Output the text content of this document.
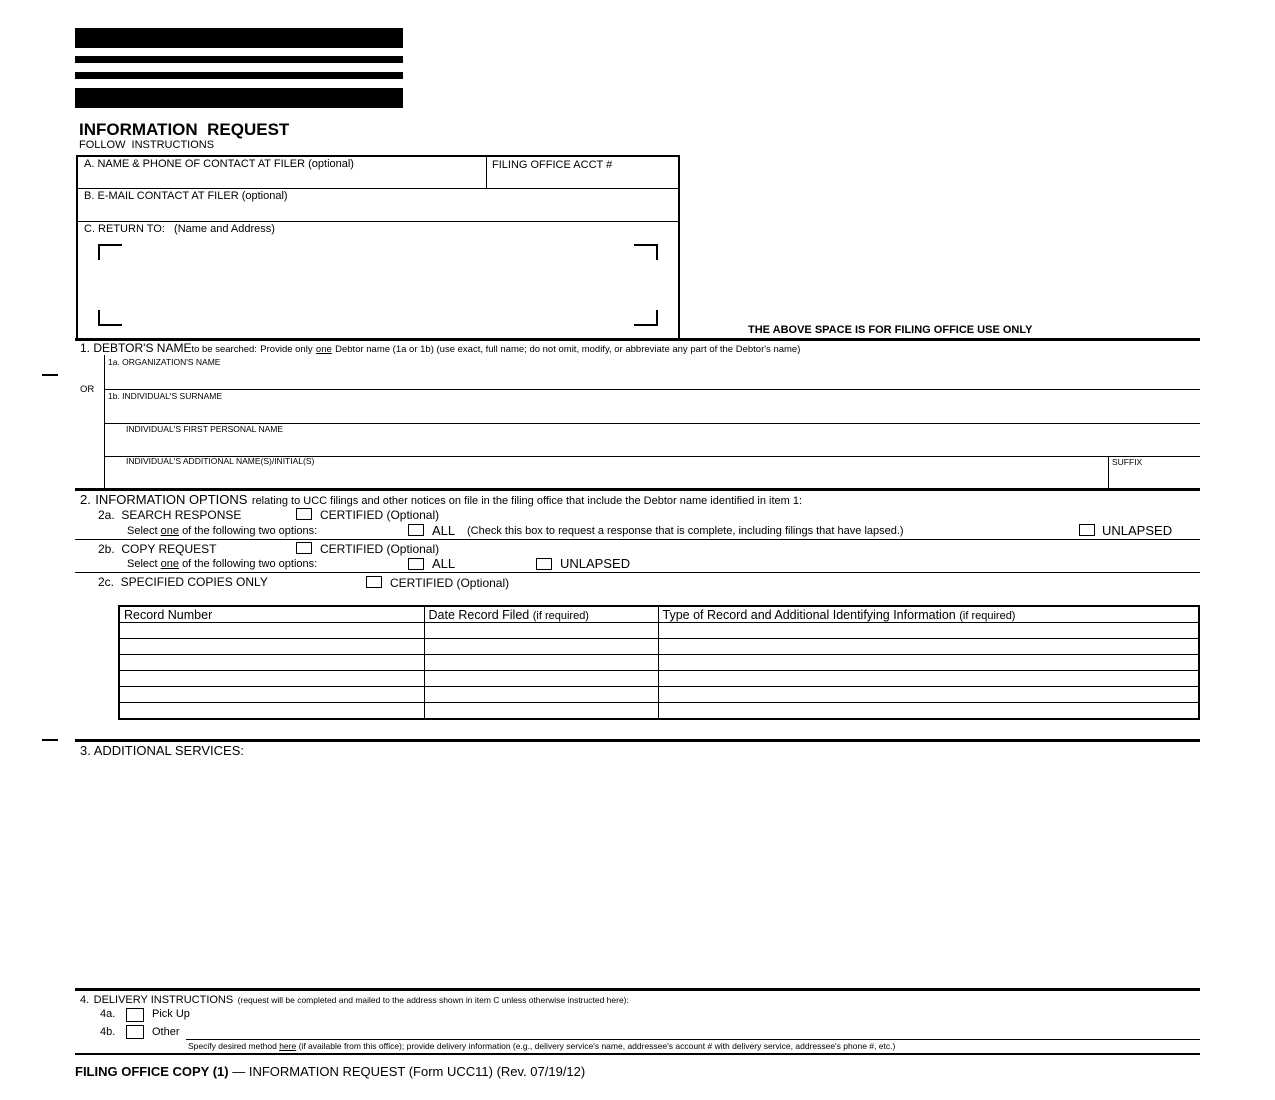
INFORMATION  REQUEST
FOLLOW  INSTRUCTIONS
A. NAME & PHONE OF CONTACT AT FILER (optional)	FILING OFFICE ACCT #
B. E-MAIL CONTACT AT FILER (optional)
C. RETURN TO:   (Name and Address)
THE ABOVE SPACE IS FOR FILING OFFICE USE ONLY
1. DEBTOR'S NAMEto be searched: Provide only one Debtor name (1a or 1b) (use exact, full name; do not omit, modify, or abbreviate any part of the Debtor's name)
1a. ORGANIZATION'S NAME
OR
1b. INDIVIDUAL'S SURNAME
INDIVIDUAL'S FIRST PERSONAL NAME
INDIVIDUAL'S ADDITIONAL NAME(S)/INITIAL(S)	SUFFIX
2. INFORMATION OPTIONS relating to UCC filings and other notices on file in the filing office that include the Debtor name identified in item 1:
2a.  SEARCH RESPONSE	CERTIFIED (Optional)
Select one of the following two options:	ALL (Check this box to request a response that is complete, including filings that have lapsed.)	UNLAPSED
2b.  COPY REQUEST	CERTIFIED (Optional)
Select one of the following two options:	ALL	UNLAPSED
2c.  SPECIFIED COPIES ONLY	CERTIFIED (Optional)
Record Number	Date Record Filed (if required)	Type of Record and Additional Identifying Information (if required)

3. ADDITIONAL SERVICES:
4. DELIVERY INSTRUCTIONS (request will be completed and mailed to the address shown in item C unless otherwise instructed here):
4a.	Pick Up
4b.	Other
Specify desired method here (if available from this office); provide delivery information (e.g., delivery service's name, addressee's account # with delivery service, addressee's phone #, etc.)
FILING OFFICE COPY (1) — INFORMATION REQUEST (Form UCC11) (Rev. 07/19/12)
